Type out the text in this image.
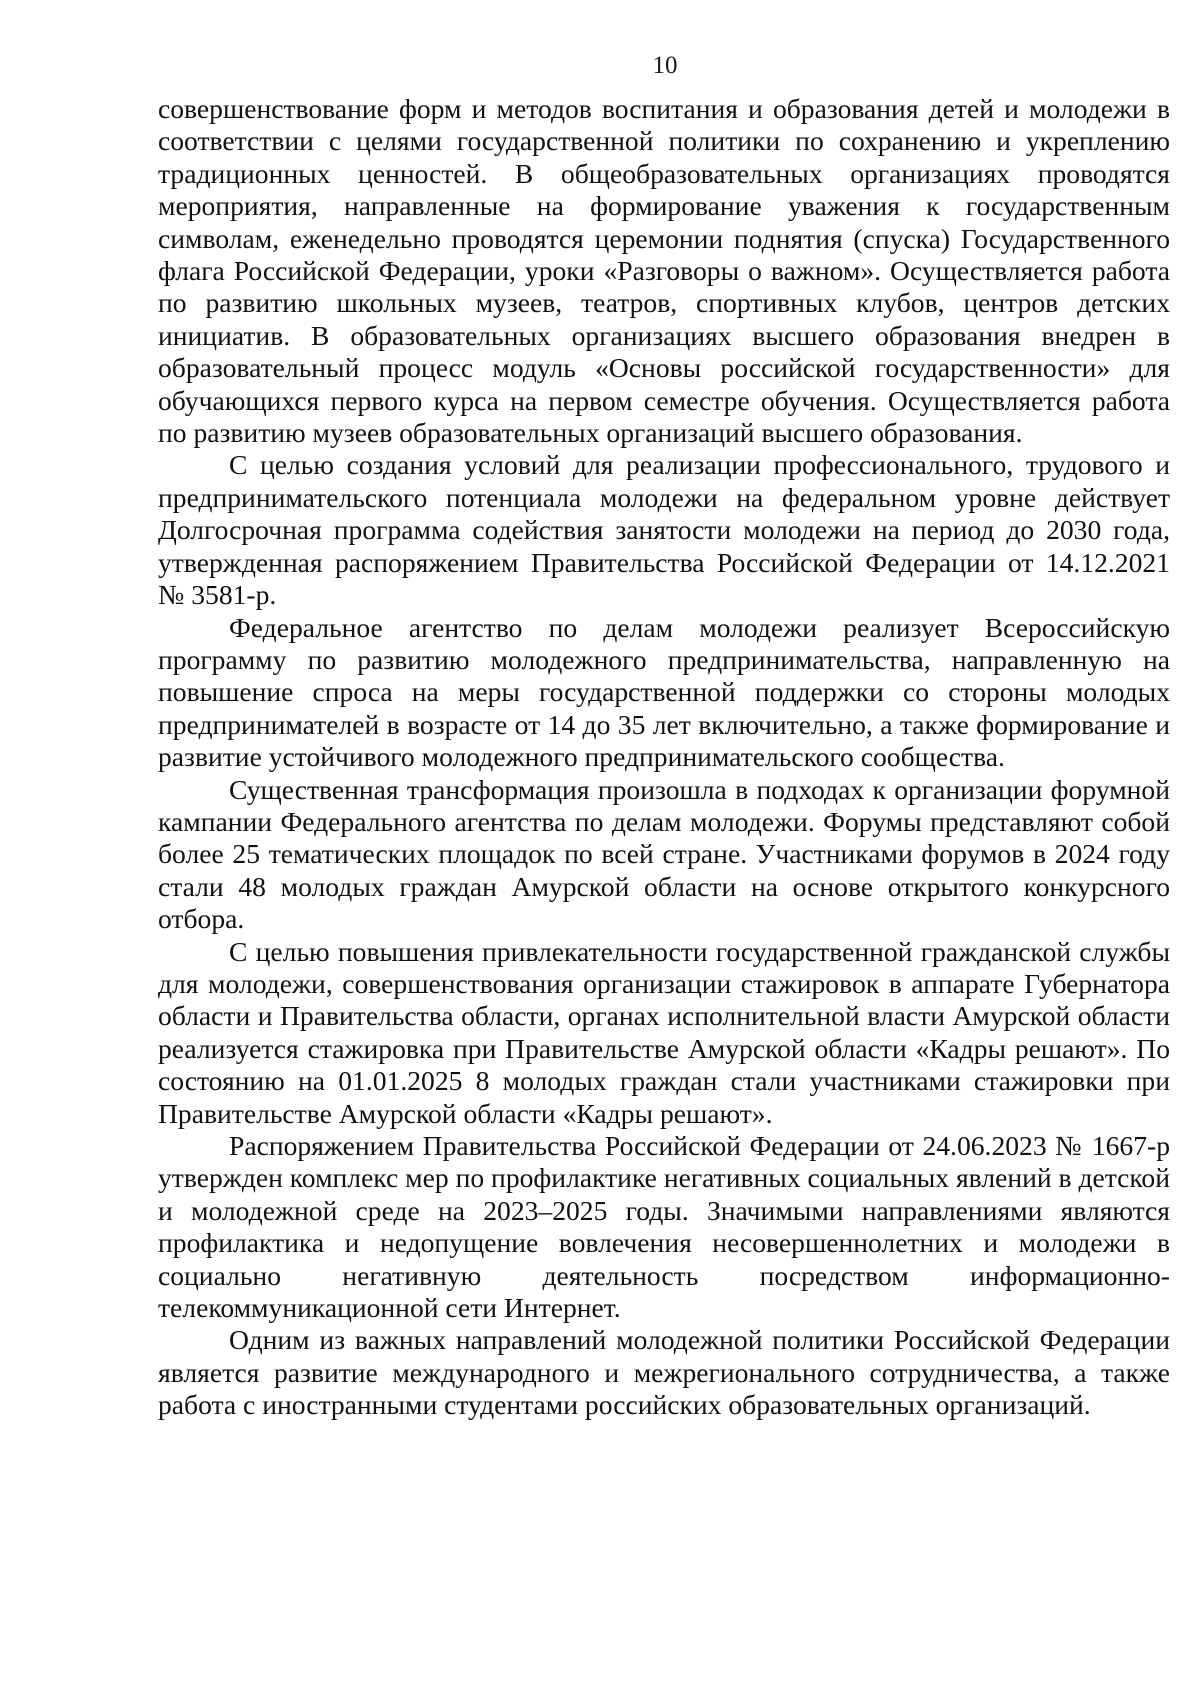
10

совершенствование форм и методов воспитания и образования детей и молодежи в соответствии с целями государственной политики по сохранению и укреплению традиционных ценностей. В общеобразовательных организациях проводятся мероприятия, направленные на формирование уважения к государственным символам, еженедельно проводятся церемонии поднятия (спуска) Государственного флага Российской Федерации, уроки «Разговоры о важном». Осуществляется работа по развитию школьных музеев, театров, спортивных клубов, центров детских инициатив. В образовательных организациях высшего образования внедрен в образовательный процесс модуль «Основы российской государственности» для обучающихся первого курса на первом семестре обучения. Осуществляется работа по развитию музеев образовательных организаций высшего образования.

С целью создания условий для реализации профессионального, трудового и предпринимательского потенциала молодежи на федеральном уровне действует Долгосрочная программа содействия занятости молодежи на период до 2030 года, утвержденная распоряжением Правительства Российской Федерации от 14.12.2021 № 3581-р.

Федеральное агентство по делам молодежи реализует Всероссийскую программу по развитию молодежного предпринимательства, направленную на повышение спроса на меры государственной поддержки со стороны молодых предпринимателей в возрасте от 14 до 35 лет включительно, а также формирование и развитие устойчивого молодежного предпринимательского сообщества.

Существенная трансформация произошла в подходах к организации форумной кампании Федерального агентства по делам молодежи. Форумы представляют собой более 25 тематических площадок по всей стране. Участниками форумов в 2024 году стали 48 молодых граждан Амурской области на основе открытого конкурсного отбора.

С целью повышения привлекательности государственной гражданской службы для молодежи, совершенствования организации стажировок в аппарате Губернатора области и Правительства области, органах исполнительной власти Амурской области реализуется стажировка при Правительстве Амурской области «Кадры решают». По состоянию на 01.01.2025 8 молодых граждан стали участниками стажировки при Правительстве Амурской области «Кадры решают».

Распоряжением Правительства Российской Федерации от 24.06.2023 № 1667-р утвержден комплекс мер по профилактике негативных социальных явлений в детской и молодежной среде на 2023–2025 годы. Значимыми направлениями являются профилактика и недопущение вовлечения несовершеннолетних и молодежи в социально негативную деятельность посредством информационно-телекоммуникационной сети Интернет.

Одним из важных направлений молодежной политики Российской Федерации является развитие международного и межрегионального сотрудничества, а также работа с иностранными студентами российских образовательных организаций.
